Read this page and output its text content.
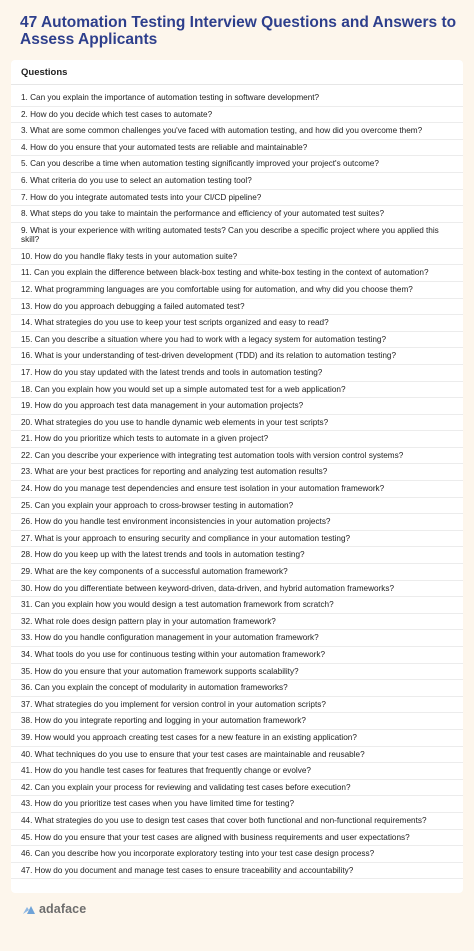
47 Automation Testing Interview Questions and Answers to Assess Applicants
Questions
1. Can you explain the importance of automation testing in software development?
2. How do you decide which test cases to automate?
3. What are some common challenges you've faced with automation testing, and how did you overcome them?
4. How do you ensure that your automated tests are reliable and maintainable?
5. Can you describe a time when automation testing significantly improved your project's outcome?
6. What criteria do you use to select an automation testing tool?
7. How do you integrate automated tests into your CI/CD pipeline?
8. What steps do you take to maintain the performance and efficiency of your automated test suites?
9. What is your experience with writing automated tests? Can you describe a specific project where you applied this skill?
10. How do you handle flaky tests in your automation suite?
11. Can you explain the difference between black-box testing and white-box testing in the context of automation?
12. What programming languages are you comfortable using for automation, and why did you choose them?
13. How do you approach debugging a failed automated test?
14. What strategies do you use to keep your test scripts organized and easy to read?
15. Can you describe a situation where you had to work with a legacy system for automation testing?
16. What is your understanding of test-driven development (TDD) and its relation to automation testing?
17. How do you stay updated with the latest trends and tools in automation testing?
18. Can you explain how you would set up a simple automated test for a web application?
19. How do you approach test data management in your automation projects?
20. What strategies do you use to handle dynamic web elements in your test scripts?
21. How do you prioritize which tests to automate in a given project?
22. Can you describe your experience with integrating test automation tools with version control systems?
23. What are your best practices for reporting and analyzing test automation results?
24. How do you manage test dependencies and ensure test isolation in your automation framework?
25. Can you explain your approach to cross-browser testing in automation?
26. How do you handle test environment inconsistencies in your automation projects?
27. What is your approach to ensuring security and compliance in your automation testing?
28. How do you keep up with the latest trends and tools in automation testing?
29. What are the key components of a successful automation framework?
30. How do you differentiate between keyword-driven, data-driven, and hybrid automation frameworks?
31. Can you explain how you would design a test automation framework from scratch?
32. What role does design pattern play in your automation framework?
33. How do you handle configuration management in your automation framework?
34. What tools do you use for continuous testing within your automation framework?
35. How do you ensure that your automation framework supports scalability?
36. Can you explain the concept of modularity in automation frameworks?
37. What strategies do you implement for version control in your automation scripts?
38. How do you integrate reporting and logging in your automation framework?
39. How would you approach creating test cases for a new feature in an existing application?
40. What techniques do you use to ensure that your test cases are maintainable and reusable?
41. How do you handle test cases for features that frequently change or evolve?
42. Can you explain your process for reviewing and validating test cases before execution?
43. How do you prioritize test cases when you have limited time for testing?
44. What strategies do you use to design test cases that cover both functional and non-functional requirements?
45. How do you ensure that your test cases are aligned with business requirements and user expectations?
46. Can you describe how you incorporate exploratory testing into your test case design process?
47. How do you document and manage test cases to ensure traceability and accountability?
adaface
